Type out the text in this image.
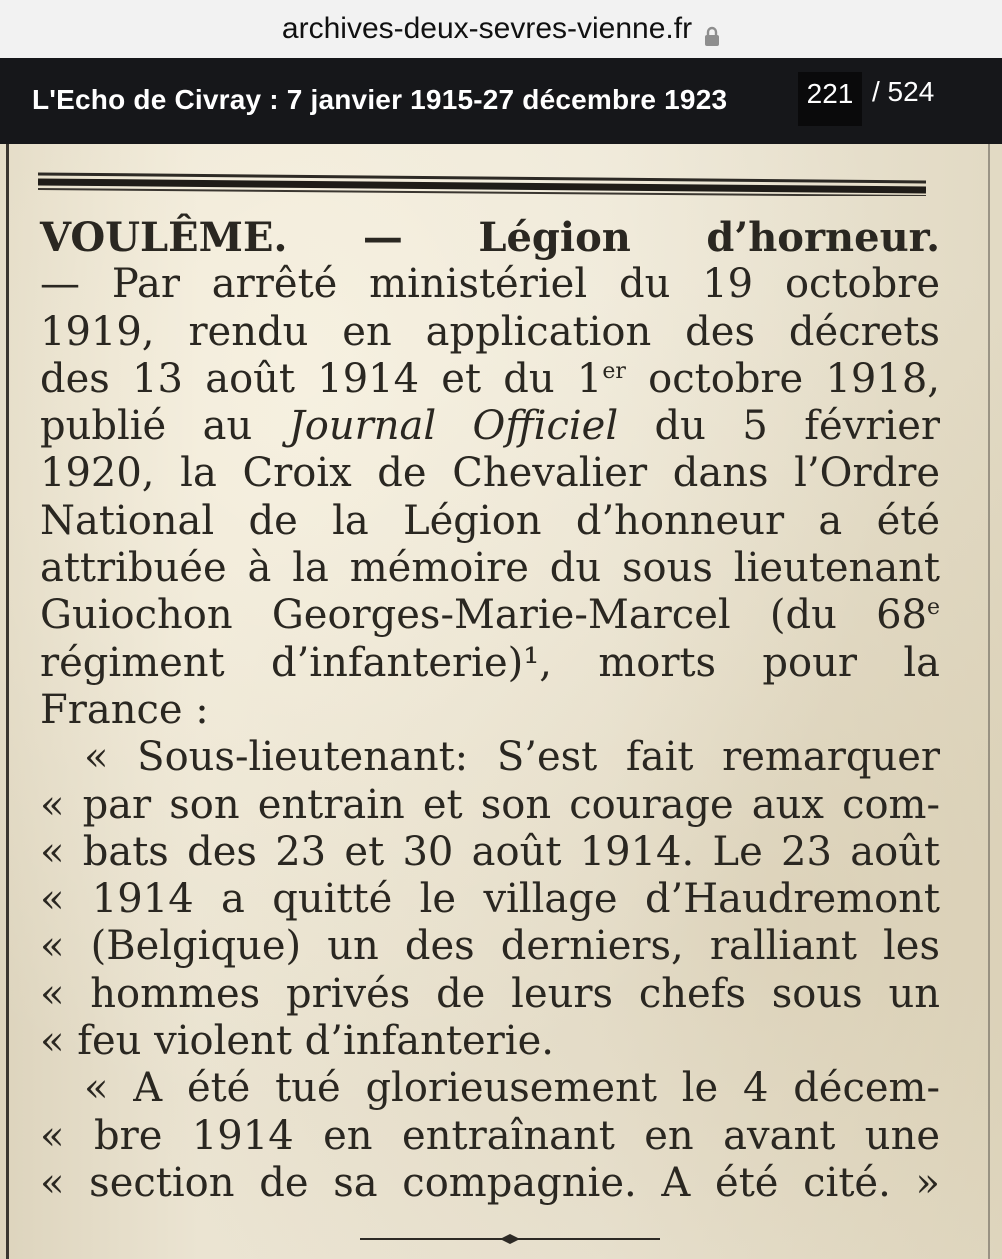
archives-deux-sevres-vienne.fr
L'Echo de Civray : 7 janvier 1915-27 décembre 1923	221 / 524
VOULÊME. — Légion d’horneur.
— Par arrêté ministériel du 19 octobre
1919, rendu en application des décrets
des 13 août 1914 et du 1er octobre 1918,
publié au Journal Officiel du 5 février
1920, la Croix de Chevalier dans l’Ordre
National de la Légion d’honneur a été
attribuée à la mémoire du sous lieutenant
Guiochon Georges-Marie-Marcel (du 68e
régiment d’infanterie)¹, morts pour la
France :
« Sous-lieutenant: S’est fait remarquer
« par son entrain et son courage aux com-
« bats des 23 et 30 août 1914. Le 23 août
« 1914 a quitté le village d’Haudremont
« (Belgique) un des derniers, ralliant les
« hommes privés de leurs chefs sous un
« feu violent d’infanterie.
« A été tué glorieusement le 4 décem-
« bre 1914 en entraînant en avant une
« section de sa compagnie. A été cité. »
